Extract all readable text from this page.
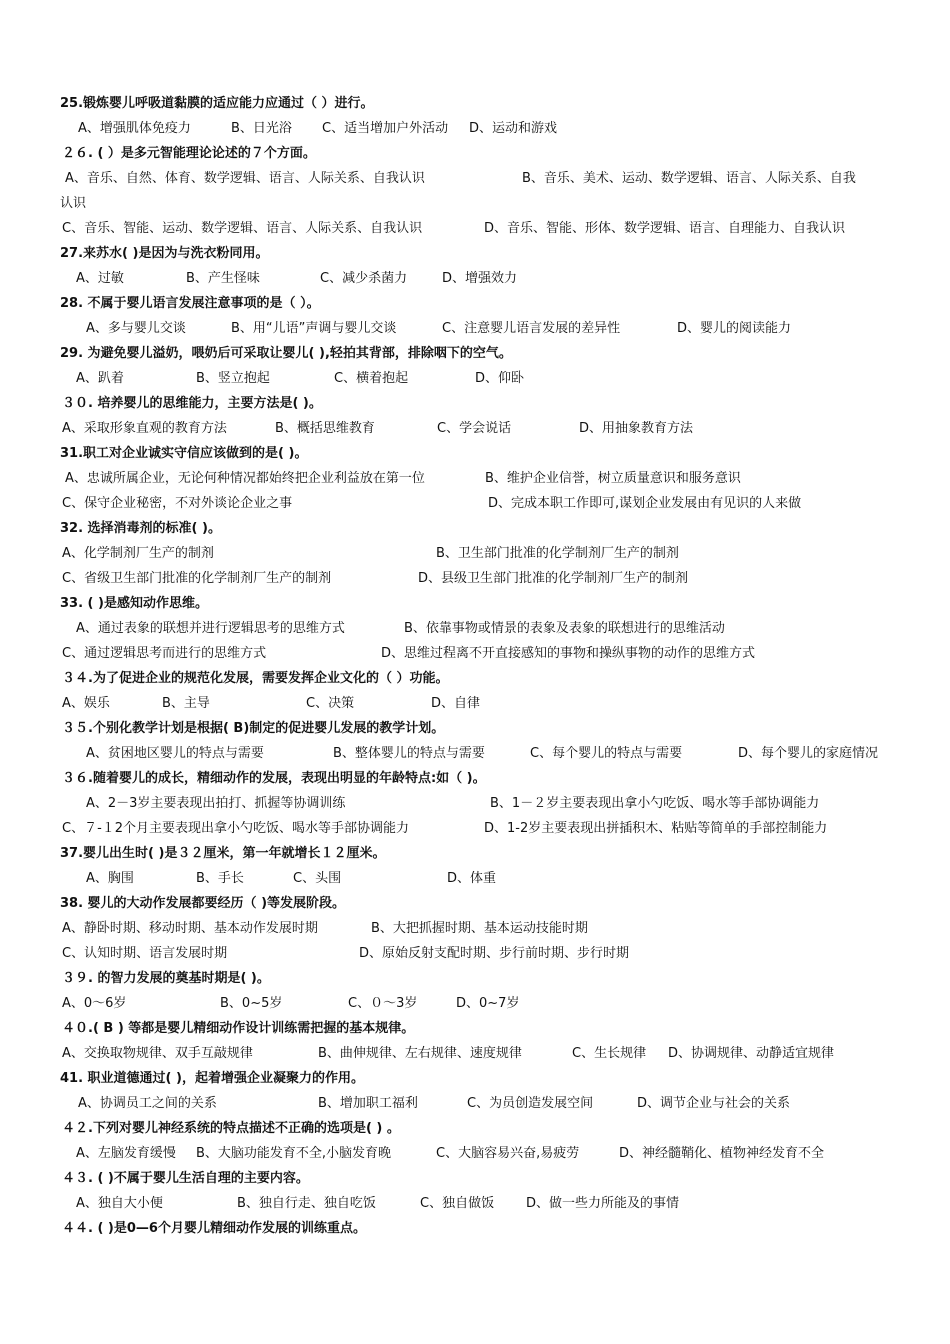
25.锻炼婴儿呼吸道黏膜的适应能力应通过（ ）进行。
A、增强肌体免疫力	B、日光浴 C、适当增加户外活动 D、运动和游戏
２６. ( ）是多元智能理论论述的７个方面。
A、音乐、自然、体育、数学逻辑、语言、人际关系、自我认识	B、音乐、美术、运动、数学逻辑、语言、人际关系、自我
认识
C、音乐、智能、运动、数学逻辑、语言、人际关系、自我认识	D、音乐、智能、形体、数学逻辑、语言、自理能力、自我认识
27.来苏水( )是因为与洗衣粉同用。
A、过敏	B、产生怪味	C、减少杀菌力	D、增强效力
28. 不属于婴儿语言发展注意事项的是（ ）。
A、多与婴儿交谈	B、用“儿语”声调与婴儿交谈	C、注意婴儿语言发展的差异性	D、婴儿的阅读能力
29. 为避免婴儿溢奶，喂奶后可采取让婴儿( ),轻拍其背部，排除咽下的空气。
A、趴着	B、竖立抱起	C、横着抱起	D、仰卧
３０. 培养婴儿的思维能力，主要方法是( )。
A、采取形象直观的教育方法	B、概括思维教育	C、学会说话	D、用抽象教育方法
31.职工对企业诚实守信应该做到的是( )。
A、忠诚所属企业，无论何种情况都始终把企业利益放在第一位	B、维护企业信誉，树立质量意识和服务意识
C、保守企业秘密，不对外谈论企业之事	D、完成本职工作即可,谋划企业发展由有见识的人来做
32. 选择消毒剂的标准( )。
A、化学制剂厂生产的制剂	B、卫生部门批准的化学制剂厂生产的制剂
C、省级卫生部门批准的化学制剂厂生产的制剂	D、县级卫生部门批准的化学制剂厂生产的制剂
33. ( )是感知动作思维。
A、通过表象的联想并进行逻辑思考的思维方式	B、依靠事物或情景的表象及表象的联想进行的思维活动
C、通过逻辑思考而进行的思维方式	D、思维过程离不开直接感知的事物和操纵事物的动作的思维方式
３４.为了促进企业的规范化发展，需要发挥企业文化的（ ）功能。
A、娱乐	B、主导	C、决策	D、自律
３５.个别化教学计划是根据( B)制定的促进婴儿发展的教学计划。
A、贫困地区婴儿的特点与需要	B、整体婴儿的特点与需要	C、每个婴儿的特点与需要	D、每个婴儿的家庭情况
３６.随着婴儿的成长，精细动作的发展，表现出明显的年龄特点:如（ )。
A、2－3岁主要表现出拍打、抓握等协调训练	B、1－２岁主要表现出拿小勺吃饭、喝水等手部协调能力
C、７-１2个月主要表现出拿小勺吃饭、喝水等手部协调能力	D、1-2岁主要表现出拼插积木、粘贴等简单的手部控制能力
37.婴儿出生时( )是３２厘米，第一年就增长１２厘米。
A、胸围	B、手长	C、头围	D、体重
38. 婴儿的大动作发展都要经历（ )等发展阶段。
A、静卧时期、移动时期、基本动作发展时期	B、大把抓握时期、基本运动技能时期
C、认知时期、语言发展时期	D、原始反射支配时期、步行前时期、步行时期
３９. 的智力发展的奠基时期是( )。
A、0～6岁	B、0~5岁	C、０～3岁	D、0~7岁
４０.( B ) 等都是婴儿精细动作设计训练需把握的基本规律。
A、交换取物规律、双手互敲规律	B、曲伸规律、左右规律、速度规律	C、生长规律 D、协调规律、动静适宜规律
41. 职业道德通过( )，起着增强企业凝聚力的作用。
A、协调员工之间的关系	B、增加职工福利	C、为员创造发展空间	D、调节企业与社会的关系
４２.下列对婴儿神经系统的特点描述不正确的选项是( ) 。
A、左脑发育缓慢 B、大脑功能发育不全,小脑发育晚	C、大脑容易兴奋,易疲劳	D、神经髓鞘化、植物神经发育不全
４３. ( )不属于婴儿生活自理的主要内容。
A、独自大小便	B、独自行走、独自吃饭	C、独自做饭 D、做一些力所能及的事情
４４. ( )是0—6个月婴儿精细动作发展的训练重点。
